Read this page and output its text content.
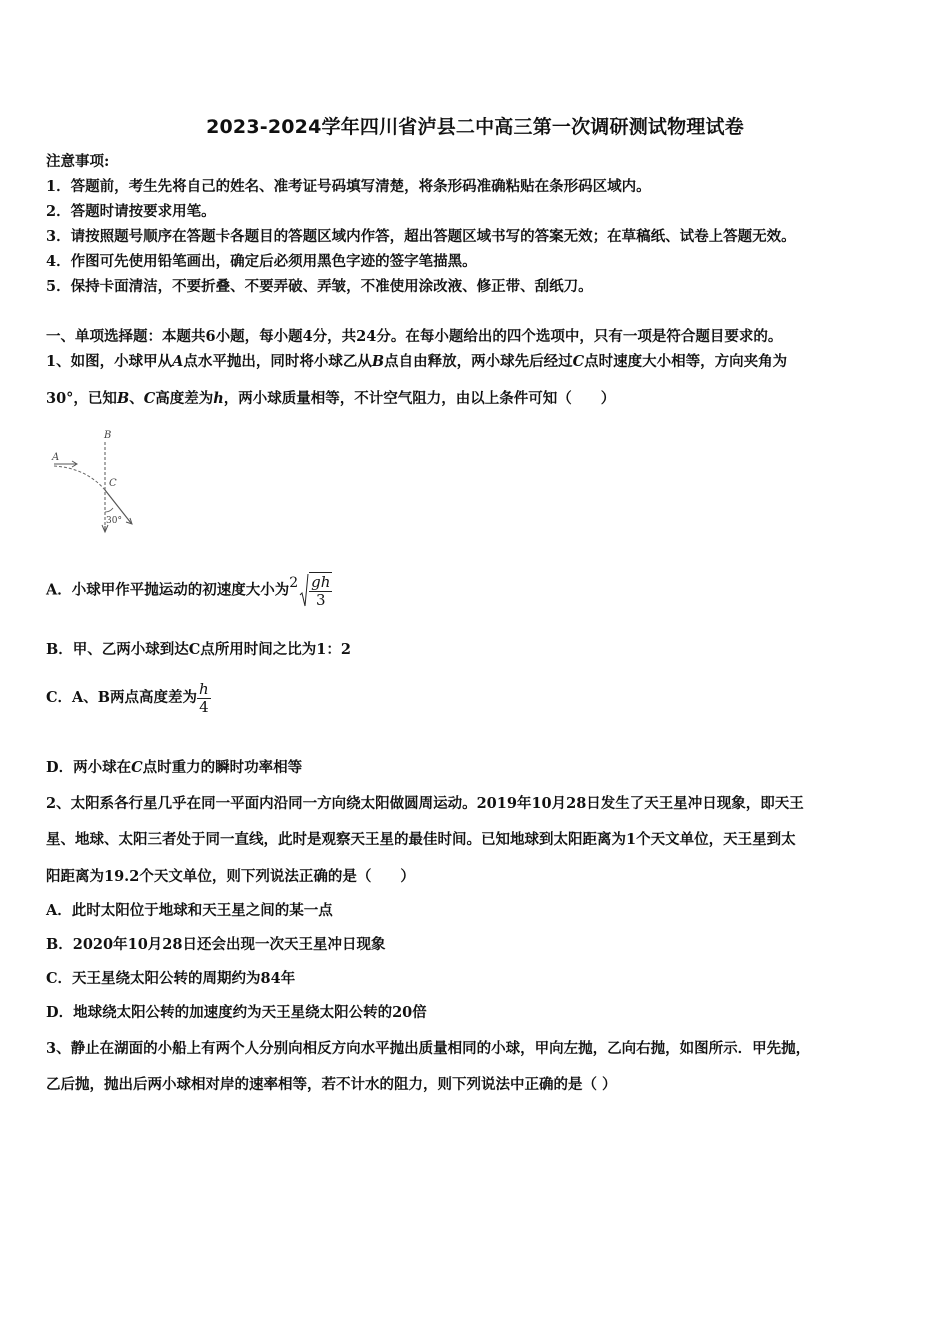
2023-2024学年四川省泸县二中高三第一次调研测试物理试卷
注意事项:
1．答题前，考生先将自己的姓名、准考证号码填写清楚，将条形码准确粘贴在条形码区域内。
2．答题时请按要求用笔。
3．请按照题号顺序在答题卡各题目的答题区域内作答，超出答题区域书写的答案无效；在草稿纸、试卷上答题无效。
4．作图可先使用铅笔画出，确定后必须用黑色字迹的签字笔描黑。
5．保持卡面清洁，不要折叠、不要弄破、弄皱，不准使用涂改液、修正带、刮纸刀。
一、单项选择题：本题共6小题，每小题4分，共24分。在每小题给出的四个选项中，只有一项是符合题目要求的。
1、如图，小球甲从A点水平抛出，同时将小球乙从B点自由释放，两小球先后经过C点时速度大小相等，方向夹角为
30°，已知B、C高度差为h，两小球质量相等，不计空气阻力，由以上条件可知（　　）
A
B
C
30°
A．小球甲作平抛运动的初速度大小为 $2 \frac{gh}{3}$
B．甲、乙两小球到达C点所用时间之比为1：2
C．A、B两点高度差为 $\frac{h}{4}$
D．两小球在C点时重力的瞬时功率相等
2、太阳系各行星几乎在同一平面内沿同一方向绕太阳做圆周运动。2019年10月28日发生了天王星冲日现象，即天王
星、地球、太阳三者处于同一直线，此时是观察天王星的最佳时间。已知地球到太阳距离为1个天文单位，天王星到太
阳距离为19.2个天文单位，则下列说法正确的是（　　）
A．此时太阳位于地球和天王星之间的某一点
B．2020年10月28日还会出现一次天王星冲日现象
C．天王星绕太阳公转的周期约为84年
D．地球绕太阳公转的加速度约为天王星绕太阳公转的20倍
3、静止在湖面的小船上有两个人分别向相反方向水平抛出质量相同的小球，甲向左抛，乙向右抛，如图所示．甲先抛，
乙后抛，抛出后两小球相对岸的速率相等，若不计水的阻力，则下列说法中正确的是（ ）
